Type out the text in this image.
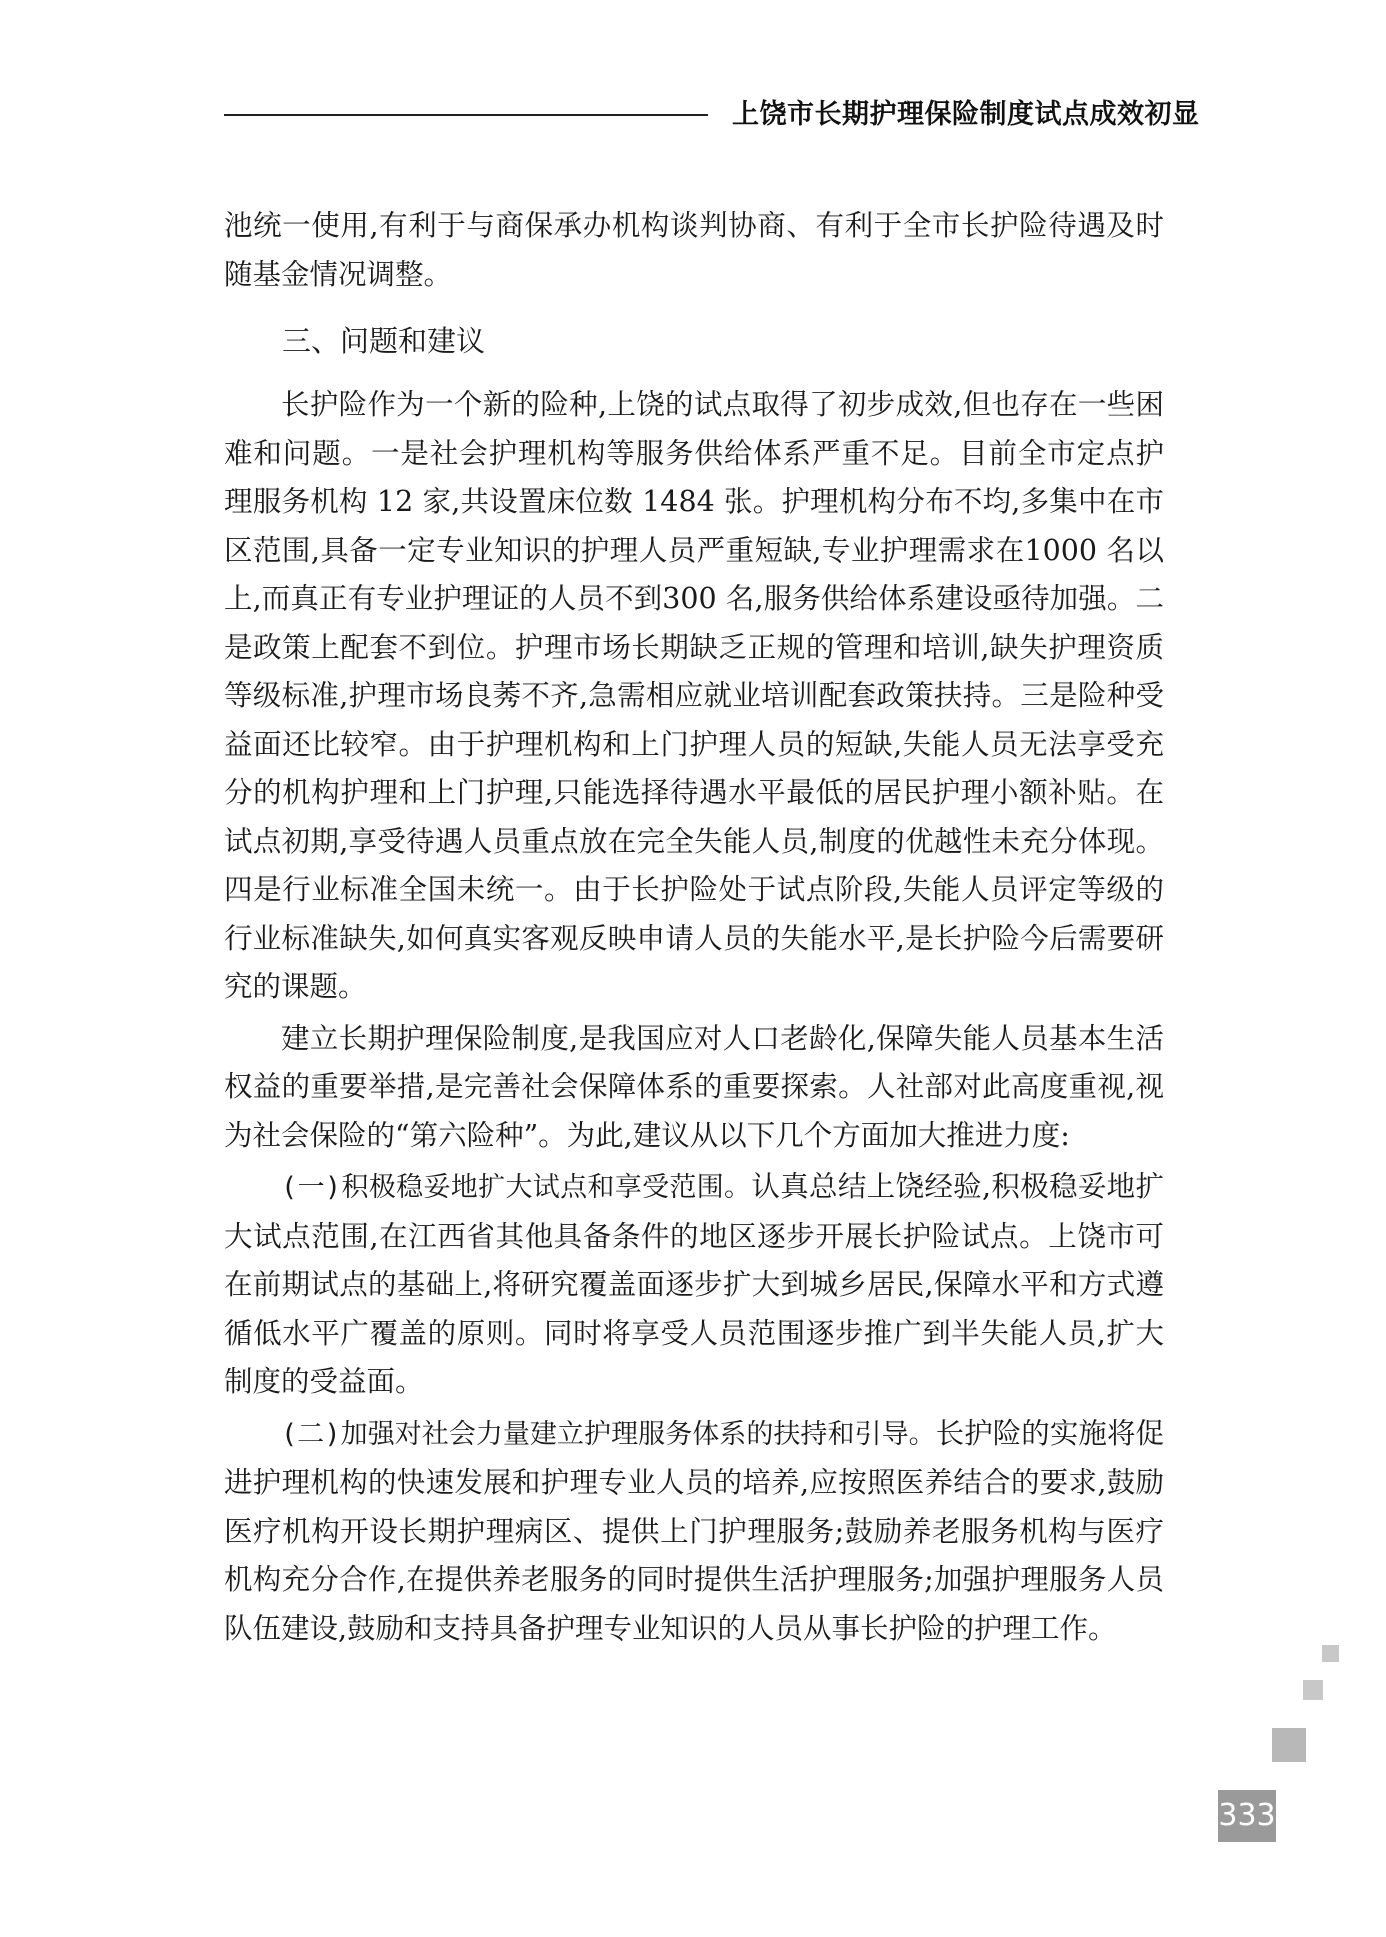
上饶市长期护理保险制度试点成效初显

池统一使用,有利于与商保承办机构谈判协商、有利于全市长护险待遇及时随基金情况调整。

三、问题和建议

长护险作为一个新的险种,上饶的试点取得了初步成效,但也存在一些困难和问题。一是社会护理机构等服务供给体系严重不足。目前全市定点护理服务机构 12 家,共设置床位数 1484 张。护理机构分布不均,多集中在市区范围,具备一定专业知识的护理人员严重短缺,专业护理需求在1000 名以上,而真正有专业护理证的人员不到300 名,服务供给体系建设亟待加强。二是政策上配套不到位。护理市场长期缺乏正规的管理和培训,缺失护理资质等级标准,护理市场良莠不齐,急需相应就业培训配套政策扶持。三是险种受益面还比较窄。由于护理机构和上门护理人员的短缺,失能人员无法享受充分的机构护理和上门护理,只能选择待遇水平最低的居民护理小额补贴。在试点初期,享受待遇人员重点放在完全失能人员,制度的优越性未充分体现。四是行业标准全国未统一。由于长护险处于试点阶段,失能人员评定等级的行业标准缺失,如何真实客观反映申请人员的失能水平,是长护险今后需要研究的课题。

建立长期护理保险制度,是我国应对人口老龄化,保障失能人员基本生活权益的重要举措,是完善社会保障体系的重要探索。人社部对此高度重视,视为社会保险的“第六险种”。为此,建议从以下几个方面加大推进力度:

(一)积极稳妥地扩大试点和享受范围。认真总结上饶经验,积极稳妥地扩大试点范围,在江西省其他具备条件的地区逐步开展长护险试点。上饶市可在前期试点的基础上,将研究覆盖面逐步扩大到城乡居民,保障水平和方式遵循低水平广覆盖的原则。同时将享受人员范围逐步推广到半失能人员,扩大制度的受益面。

(二)加强对社会力量建立护理服务体系的扶持和引导。长护险的实施将促进护理机构的快速发展和护理专业人员的培养,应按照医养结合的要求,鼓励医疗机构开设长期护理病区、提供上门护理服务;鼓励养老服务机构与医疗机构充分合作,在提供养老服务的同时提供生活护理服务;加强护理服务人员队伍建设,鼓励和支持具备护理专业知识的人员从事长护险的护理工作。

333
